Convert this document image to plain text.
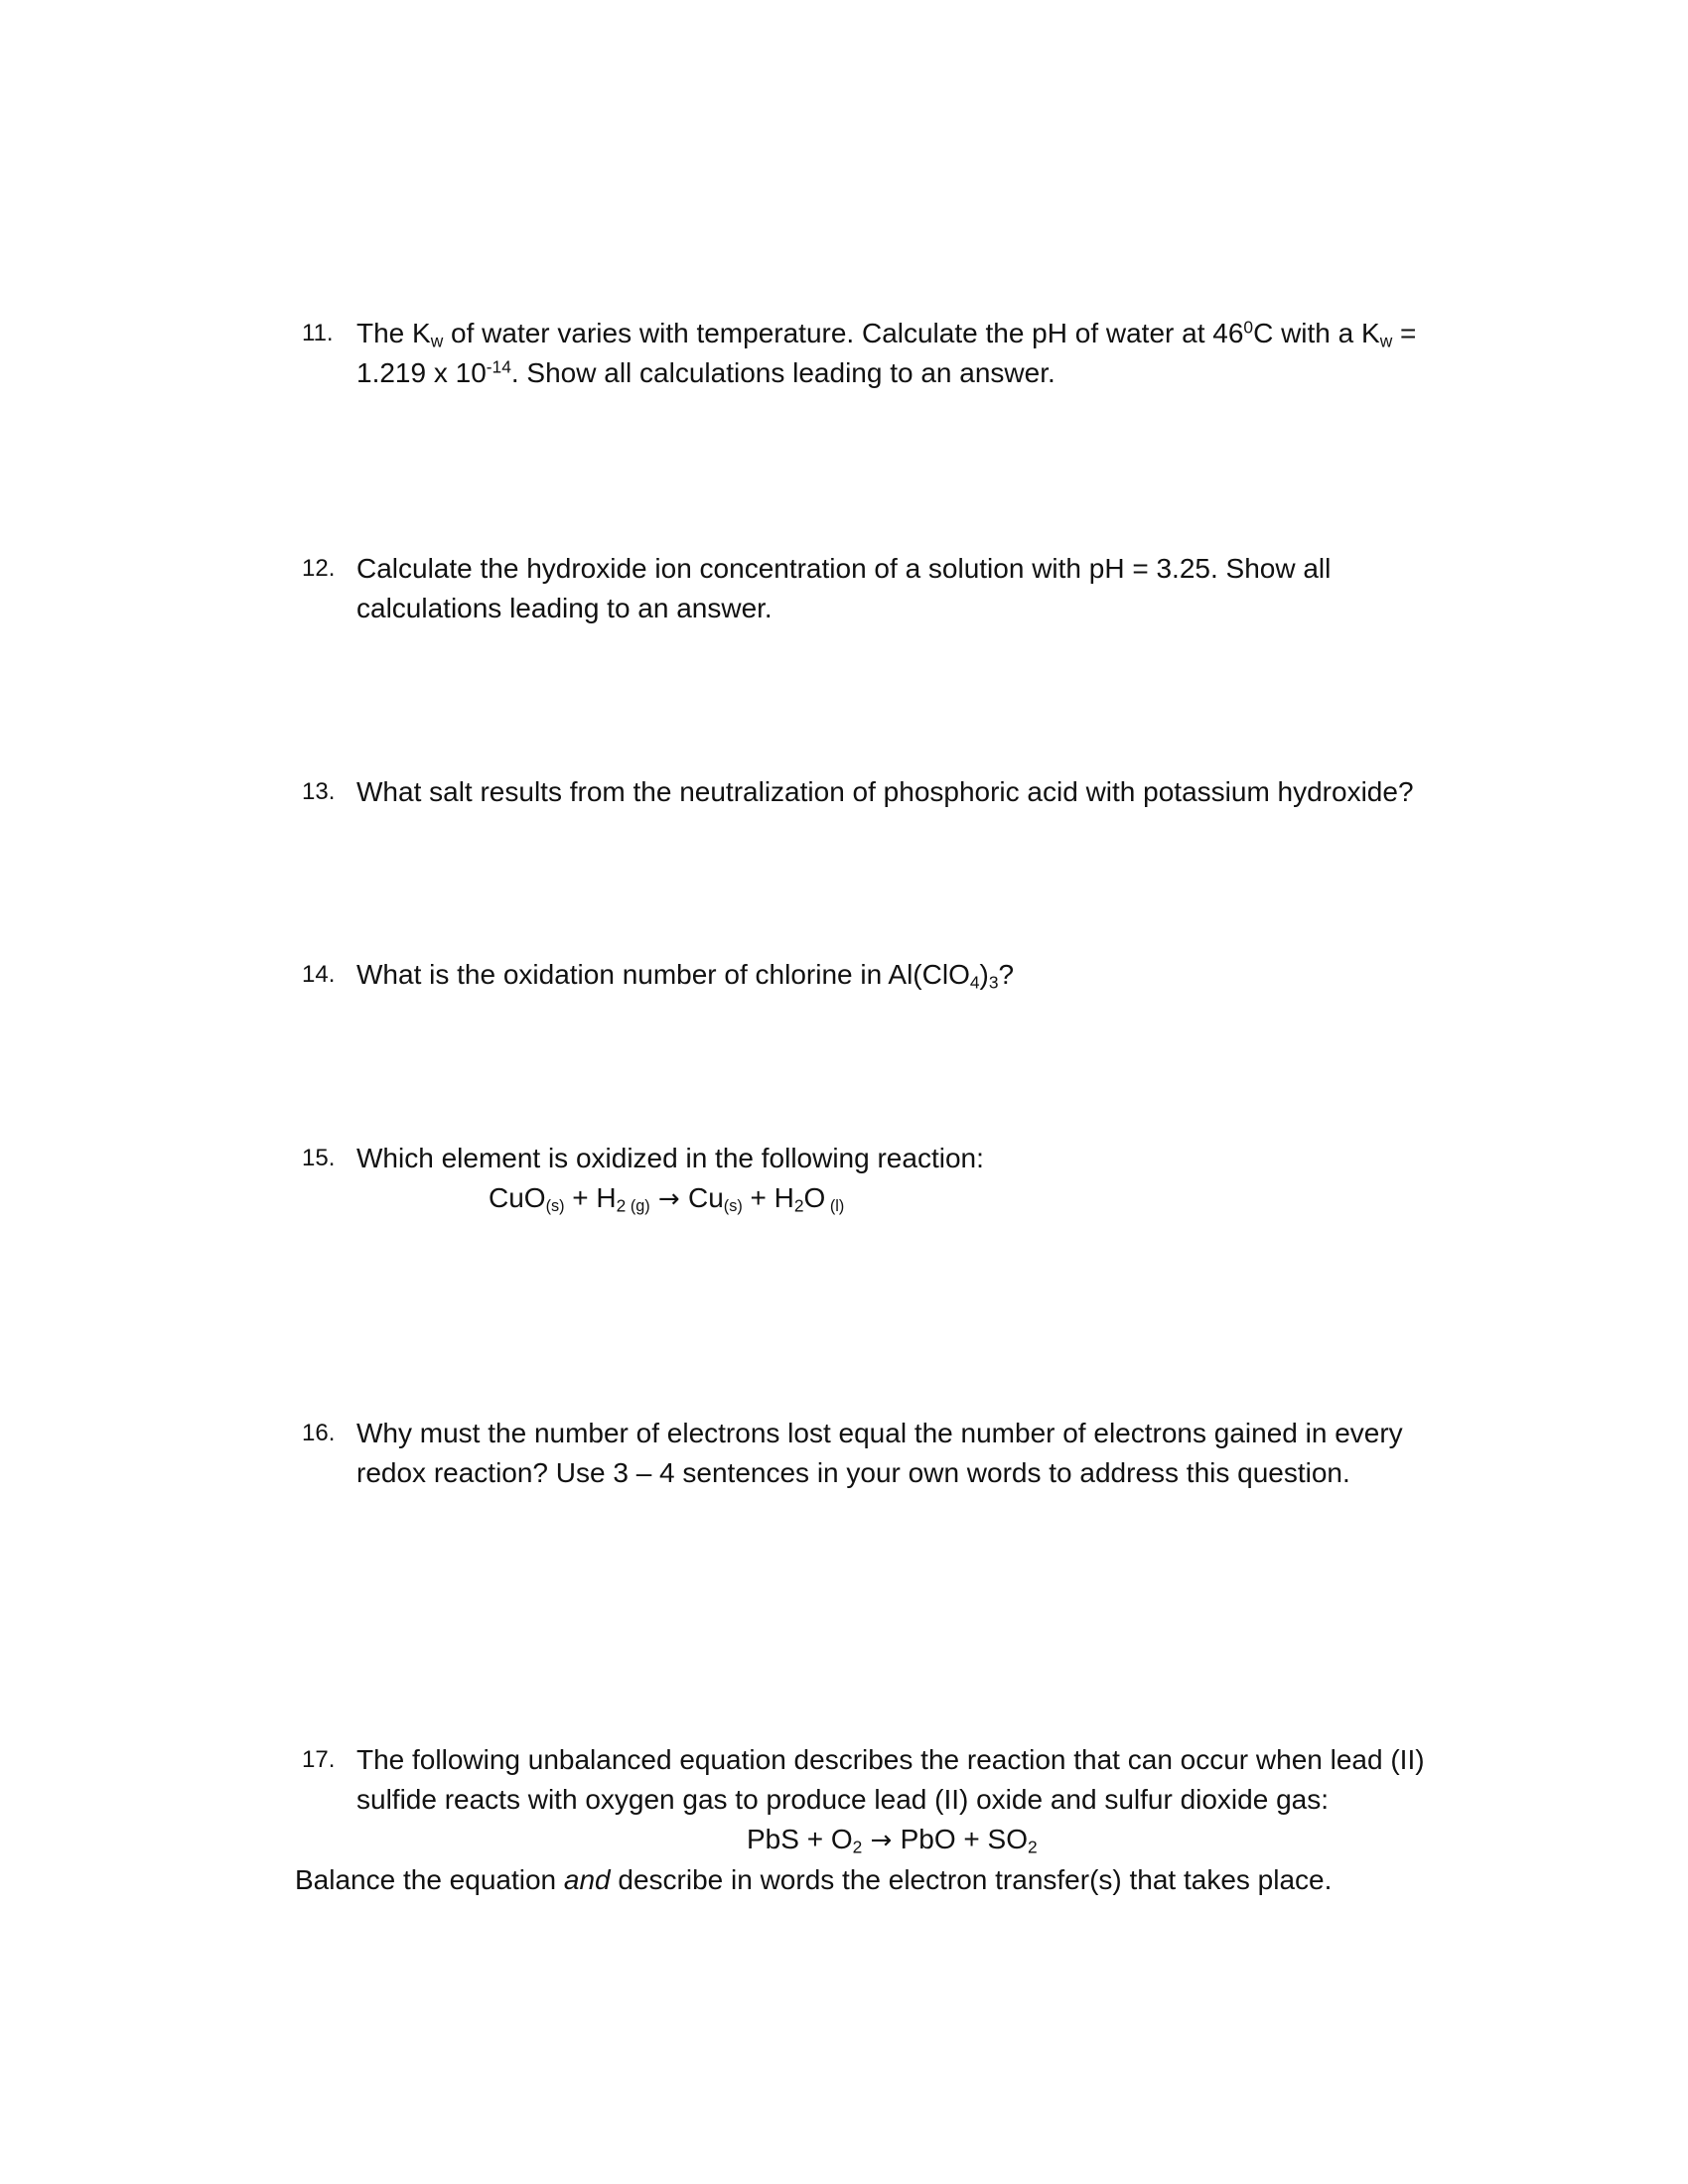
11. The $K_w$ of water varies with temperature. Calculate the pH of water at $46^0C$ with a $K_w$ =
1.219 x $10^{-14}$. Show all calculations leading to an answer.
12. Calculate the hydroxide ion concentration of a solution with pH = 3.25. Show all
calculations leading to an answer.
13. What salt results from the neutralization of phosphoric acid with potassium hydroxide?
14. What is the oxidation number of chlorine in $Al(ClO_4)_3$?
15. Which element is oxidized in the following reaction:
$CuO_{(s)} + H_2$ $_{(g)} \to Cu_{(s)} + H_2O$ $_{(l)}$
16. Why must the number of electrons lost equal the number of electrons gained in every
redox reaction? Use 3 – 4 sentences in your own words to address this question.
17. The following unbalanced equation describes the reaction that can occur when lead (II)
sulfide reacts with oxygen gas to produce lead (II) oxide and sulfur dioxide gas:
PbS + $O_2$ → PbO + $SO_2$
Balance the equation and describe in words the electron transfer(s) that takes place.
